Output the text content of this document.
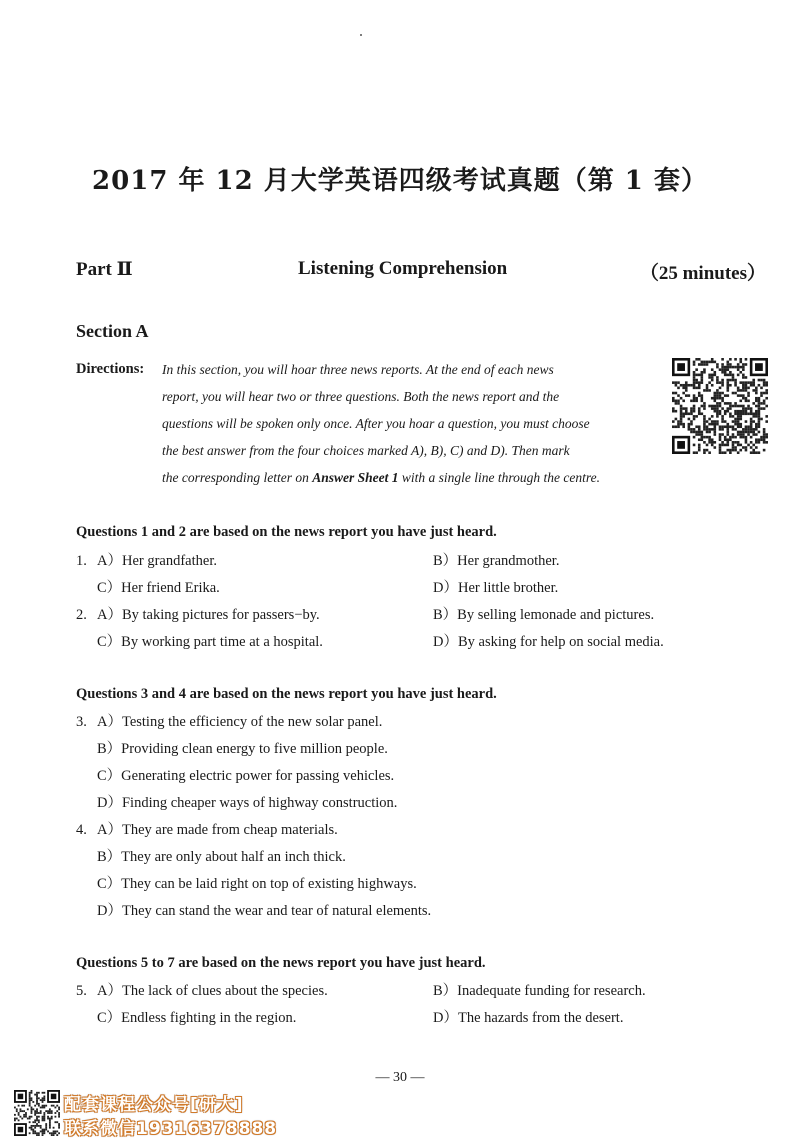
2017 年 12 月大学英语四级考试真题（第 1 套）
Part Ⅱ	Listening Comprehension	（25 minutes）
Section A
Directions: In this section, you will hoar three news reports. At the end of each news
report, you will hear two or three questions. Both the news report and the
questions will be spoken only once. After you hoar a question, you must choose
the best answer from the four choices marked A), B), C) and D). Then mark
the corresponding letter on Answer Sheet 1 with a single line through the centre.
Questions 1 and 2 are based on the news report you have just heard.
1. A）Her grandfather.	B）Her grandmother.
C）Her friend Erika.	D）Her little brother.
2. A）By taking pictures for passers−by.	B）By selling lemonade and pictures.
C）By working part time at a hospital.	D）By asking for help on social media.
Questions 3 and 4 are based on the news report you have just heard.
3. A）Testing the efficiency of the new solar panel.
B）Providing clean energy to five million people.
C）Generating electric power for passing vehicles.
D）Finding cheaper ways of highway construction.
4. A）They are made from cheap materials.
B）They are only about half an inch thick.
C）They can be laid right on top of existing highways.
D）They can stand the wear and tear of natural elements.
Questions 5 to 7 are based on the news report you have just heard.
5. A）The lack of clues about the species.	B）Inadequate funding for research.
C）Endless fighting in the region.	D）The hazards from the desert.
— 30 —
配套课程公众号[研大]
联系微信19316378888
